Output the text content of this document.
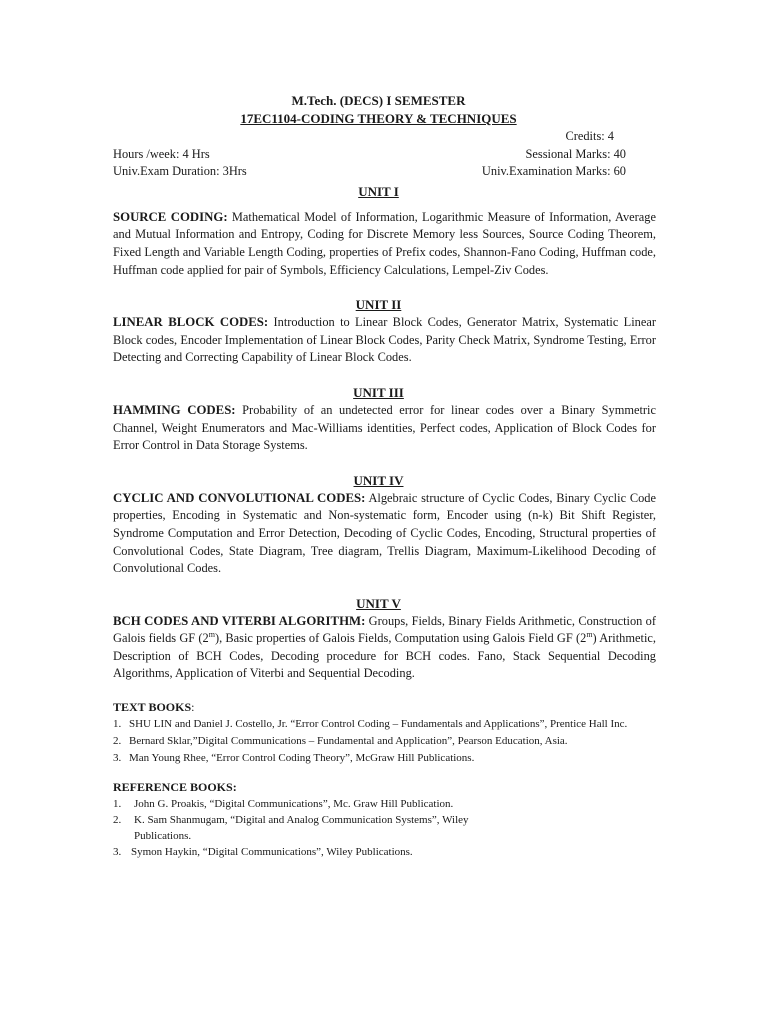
M.Tech. (DECS) I SEMESTER
17EC1104-CODING THEORY & TECHNIQUES
Credits: 4
Hours /week: 4 Hrs	Sessional Marks: 40
Univ.Exam Duration: 3Hrs	Univ.Examination Marks: 60
UNIT I
SOURCE CODING: Mathematical Model of Information, Logarithmic Measure of Information, Average and Mutual Information and Entropy, Coding for Discrete Memory less Sources, Source Coding Theorem, Fixed Length and Variable Length Coding, properties of Prefix codes, Shannon-Fano Coding, Huffman code, Huffman code applied for pair of Symbols, Efficiency Calculations, Lempel-Ziv Codes.
UNIT II
LINEAR BLOCK CODES: Introduction to Linear Block Codes, Generator Matrix, Systematic Linear Block codes, Encoder Implementation of Linear Block Codes, Parity Check Matrix, Syndrome Testing, Error Detecting and Correcting Capability of Linear Block Codes.
UNIT III
HAMMING CODES: Probability of an undetected error for linear codes over a Binary Symmetric Channel, Weight Enumerators and Mac-Williams identities, Perfect codes, Application of Block Codes for Error Control in Data Storage Systems.
UNIT IV
CYCLIC AND CONVOLUTIONAL CODES: Algebraic structure of Cyclic Codes, Binary Cyclic Code properties, Encoding in Systematic and Non-systematic form, Encoder using (n-k) Bit Shift Register, Syndrome Computation and Error Detection, Decoding of Cyclic Codes, Encoding, Structural properties of Convolutional Codes, State Diagram, Tree diagram, Trellis Diagram, Maximum-Likelihood Decoding of Convolutional Codes.
UNIT V
BCH CODES AND VITERBI ALGORITHM: Groups, Fields, Binary Fields Arithmetic, Construction of Galois fields GF (2$^m$), Basic properties of Galois Fields, Computation using Galois Field GF (2$^m$) Arithmetic, Description of BCH Codes, Decoding procedure for BCH codes. Fano, Stack Sequential Decoding Algorithms, Application of Viterbi and Sequential Decoding.
TEXT BOOKS:
1. SHU LIN and Daniel J. Costello, Jr. “Error Control Coding – Fundamentals and Applications”, Prentice Hall Inc.
2. Bernard Sklar,”Digital Communications – Fundamental and Application”, Pearson Education, Asia.
3. Man Young Rhee, “Error Control Coding Theory”, McGraw Hill Publications.
REFERENCE BOOKS:
1.	John G. Proakis, “Digital Communications”, Mc. Graw Hill Publication.
2.	K. Sam Shanmugam, “Digital and Analog Communication Systems”, Wiley Publications.
3. Symon Haykin, “Digital Communications”, Wiley Publications.
